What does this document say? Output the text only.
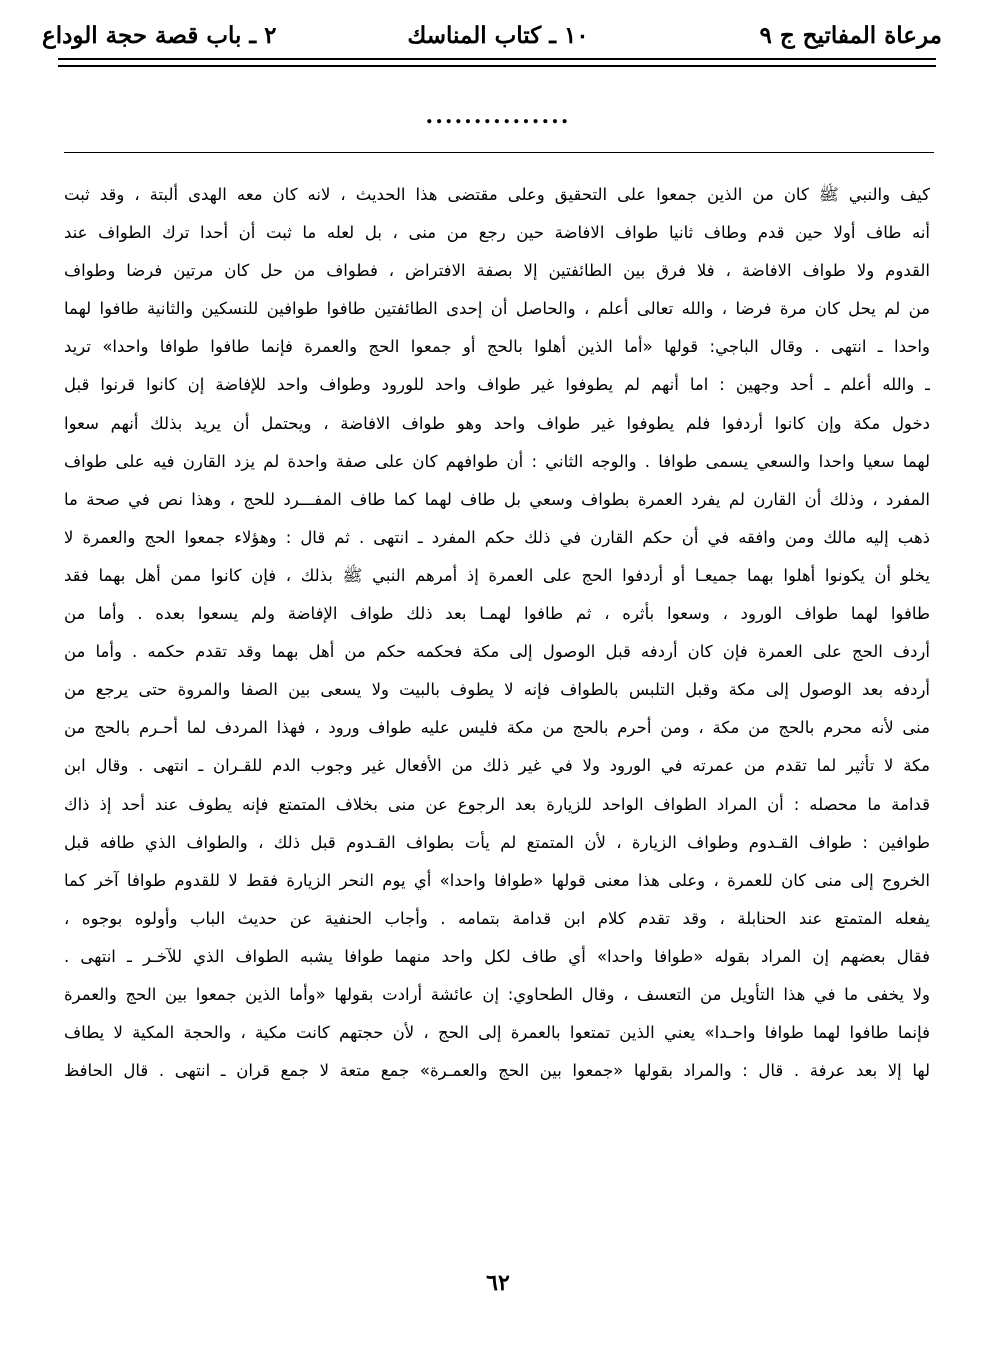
مرعاة المفاتيح ج ٩
١٠ ـ كتاب المناسك
٢ ـ باب قصة حجة الوداع
...............
كيف والنبي ﷺ كان من الذين جمعوا على التحقيق وعلى مقتضى هذا الحديث ، لانه كان معه الهدى ألبتة ، وقد ثبت
أنه طاف أولا حين قدم وطاف ثانيا طواف الافاضة حين رجع من منى ، بل لعله ما ثبت أن أحدا ترك الطواف عند
القدوم ولا طواف الافاضة ، فلا فرق بين الطائفتين إلا بصفة الافتراض ، فطواف من حل كان مرتين فرضا وطواف
من لم يحل كان مرة فرضا ، والله تعالى أعلم ، والحاصل أن إحدى الطائفتين طافوا طوافين للنسكين والثانية طافوا لهما
واحدا ـ انتهى . وقال الباجي: قولها «أما الذين أهلوا بالحج أو جمعوا الحج والعمرة فإنما طافوا طوافا واحدا» تريد
ـ والله أعلم ـ أحد وجهين : اما أنهم لم يطوفوا غير طواف واحد للورود وطواف واحد للإفاضة إن كانوا قرنوا قبل
دخول مكة وإن كانوا أردفوا فلم يطوفوا غير طواف واحد وهو طواف الافاضة ، ويحتمل أن يريد بذلك أنهم سعوا
لهما سعيا واحدا والسعي يسمى طوافا . والوجه الثاني : أن طوافهم كان على صفة واحدة لم يزد القارن فيه على طواف
المفرد ، وذلك أن القارن لم يفرد العمرة بطواف وسعي بل طاف لهما كما طاف المفـــرد للحج ، وهذا نص في صحة ما
ذهب إليه مالك ومن وافقه في أن حكم القارن في ذلك حكم المفرد ـ انتهى . ثم قال : وهؤلاء جمعوا الحج والعمرة لا
يخلو أن يكونوا أهلوا بهما جميعـا أو أردفوا الحج على العمرة إذ أمرهم النبي ﷺ بذلك ، فإن كانوا ممن أهل بهما فقد
طافوا لهما طواف الورود ، وسعوا بأثره ، ثم طافوا لهمـا بعد ذلك طواف الإفاضة ولم يسعوا بعده . وأما من
أردف الحج على العمرة فإن كان أردفه قبل الوصول إلى مكة فحكمه حكم من أهل بهما وقد تقدم حكمه . وأما من
أردفه بعد الوصول إلى مكة وقبل التلبس بالطواف فإنه لا يطوف بالبيت ولا يسعى بين الصفا والمروة حتى يرجع من
منى لأنه محرم بالحج من مكة ، ومن أحرم بالحج من مكة فليس عليه طواف ورود ، فهذا المردف لما أحـرم بالحج من
مكة لا تأثير لما تقدم من عمرته في الورود ولا في غير ذلك من الأفعال غير وجوب الدم للقـران ـ انتهى . وقال ابن
قدامة ما محصله : أن المراد الطواف الواحد للزيارة بعد الرجوع عن منى بخلاف المتمتع فإنه يطوف عند أحد إذ ذاك
طوافين : طواف القـدوم وطواف الزيارة ، لأن المتمتع لم يأت بطواف القـدوم قبل ذلك ، والطواف الذي طافه قبل
الخروج إلى منى كان للعمرة ، وعلى هذا معنى قولها «طوافا واحدا» أي يوم النحر الزيارة فقط لا للقدوم طوافا آخر كما
يفعله المتمتع عند الحنابلة ، وقد تقدم كلام ابن قدامة بتمامه . وأجاب الحنفية عن حديث الباب وأولوه بوجوه ،
فقال بعضهم إن المراد بقوله «طوافا واحدا» أي طاف لكل واحد منهما طوافا يشبه الطواف الذي للآخـر ـ انتهى .
ولا يخفى ما في هذا التأويل من التعسف ، وقال الطحاوي: إن عائشة أرادت بقولها «وأما الذين جمعوا بين الحج والعمرة
فإنما طافوا لهما طوافا واحـدا» يعني الذين تمتعوا بالعمرة إلى الحج ، لأن حجتهم كانت مكية ، والحجة المكية لا يطاف
لها إلا بعد عرفة . قال : والمراد بقولها «جمعوا بين الحج والعمـرة» جمع متعة لا جمع قران ـ انتهى . قال الحافظ
٦٢
